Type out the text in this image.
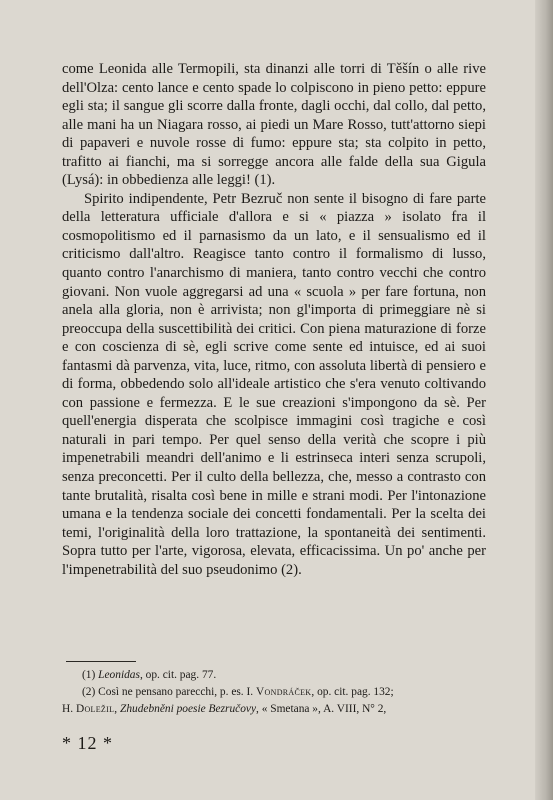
come Leonida alle Termopili, sta dinanzi alle torri di Těšín o alle rive dell'Olza: cento lance e cento spade lo colpiscono in pieno petto: eppure egli sta; il sangue gli scorre dalla fronte, dagli occhi, dal collo, dal petto, alle mani ha un Niagara rosso, ai piedi un Mare Rosso, tutt'attorno siepi di papaveri e nuvole rosse di fumo: eppure sta; sta colpito in petto, trafitto ai fianchi, ma si sorregge ancora alle falde della sua Gigula (Lysá): in obbedienza alle leggi! (1).

Spirito indipendente, Petr Bezruč non sente il bisogno di fare parte della letteratura ufficiale d'allora e si « piazza » isolato fra il cosmopolitismo ed il parnasismo da un lato, e il sensualismo ed il criticismo dall'altro. Reagisce tanto contro il formalismo di lusso, quanto contro l'anarchismo di maniera, tanto contro vecchi che contro giovani. Non vuole aggregarsi ad una « scuola » per fare fortuna, non anela alla gloria, non è arrivista; non gl'importa di primeggiare nè si preoccupa della suscettibilità dei critici. Con piena maturazione di forze e con coscienza di sè, egli scrive come sente ed intuisce, ed ai suoi fantasmi dà parvenza, vita, luce, ritmo, con assoluta libertà di pensiero e di forma, obbedendo solo all'ideale artistico che s'era venuto coltivando con passione e fermezza. E le sue creazioni s'impongono da sè. Per quell'energia disperata che scolpisce immagini così tragiche e così naturali in pari tempo. Per quel senso della verità che scopre i più impenetrabili meandri dell'animo e li estrinseca interi senza scrupoli, senza preconcetti. Per il culto della bellezza, che, messo a contrasto con tante brutalità, risalta così bene in mille e strani modi. Per l'intonazione umana e la tendenza sociale dei concetti fondamentali. Per la scelta dei temi, l'originalità della loro trattazione, la spontaneità dei sentimenti. Sopra tutto per l'arte, vigorosa, elevata, efficacissima. Un po' anche per l'impenetrabilità del suo pseudonimo (2).

(1) Leonidas, op. cit. pag. 77.

(2) Così ne pensano parecchi, p. es. I. Vondráček, op. cit. pag. 132;

H. Doležil, Zhudebněni poesie Bezručovy, « Smetana », A. VIII, N° 2,

* 12 *
